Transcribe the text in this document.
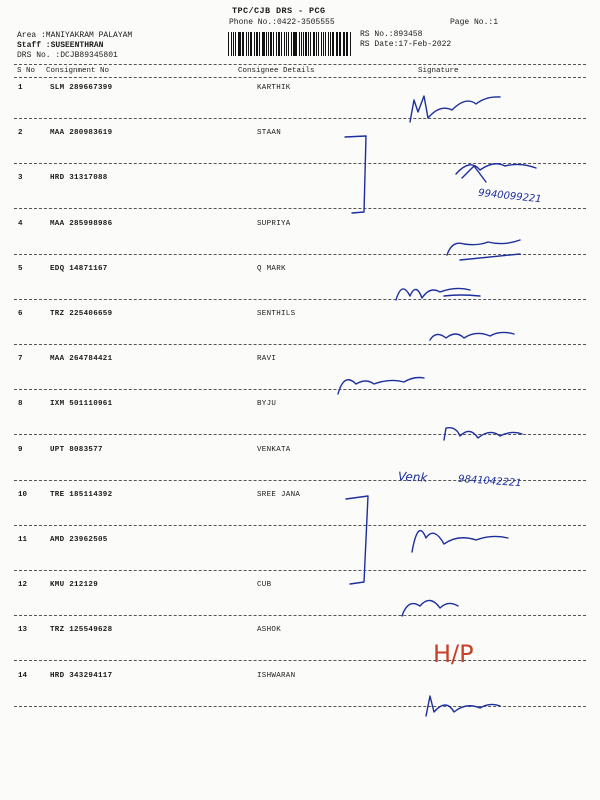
TPC/CJB DRS - PCG
Phone No.:0422-3505555	Page No.:1
Area :MANIYAKRAM PALAYAM
Staff :SUSEENTHRAN
DRS No. :DCJB89345801
RS No.:893458
RS Date:17-Feb-2022
S No Consignment No	Consignee Details	Signature
1	SLM 289667399	KARTHIK
2	MAA 280983619	STAAN
3	HRD 31317088
4	MAA 285998986	SUPRIYA
5	EDQ 14871167	Q MARK
6	TRZ 225406659	SENTHILS
7	MAA 264784421	RAVI
8	IXM 501110961	BYJU
9	UPT 8083577	VENKATA
10	TRE 185114392	SREE JANA
11	AMD 23962505
12	KMU 212129	CUB
13	TRZ 125549628	ASHOK
14	HRD 343294117	ISHWARAN
9940099221
Venk	9841042221
H/P
